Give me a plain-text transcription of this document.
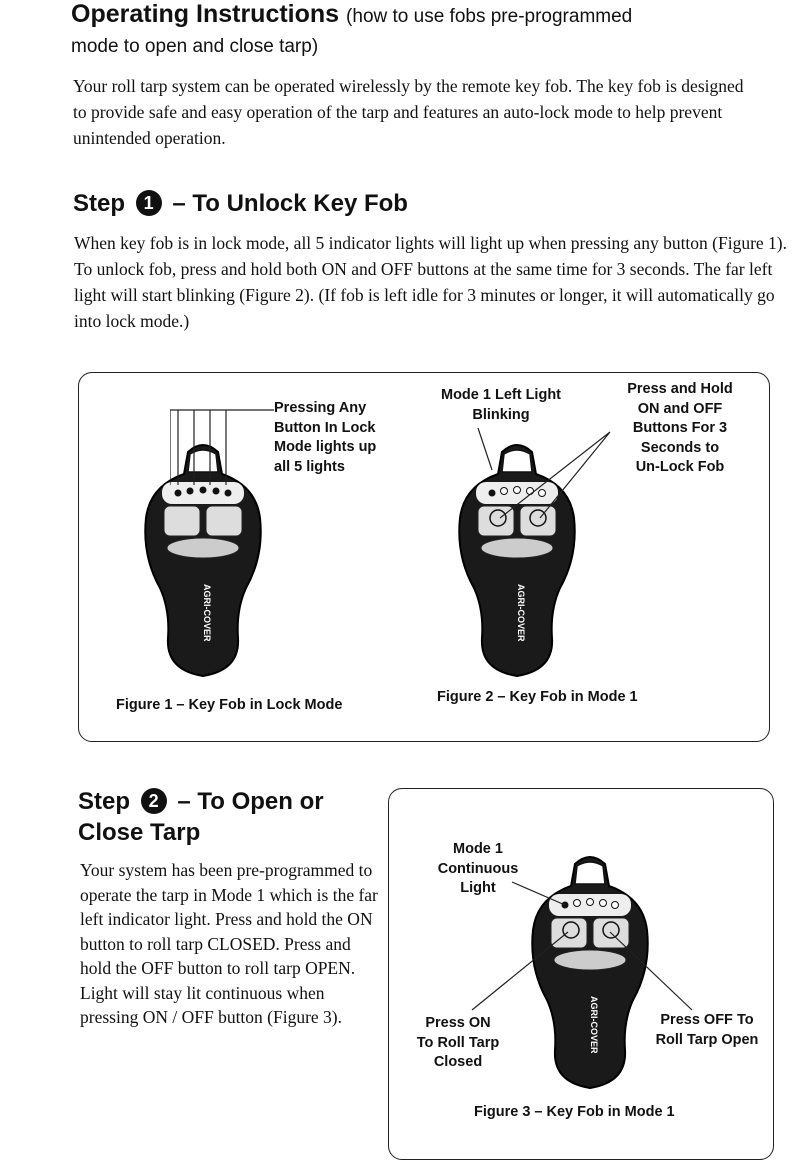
Operating Instructions (how to use fobs pre-programmed
mode to open and close tarp)
Your roll tarp system can be operated wirelessly by the remote key fob. The key fob is designed to provide safe and easy operation of the tarp and features an auto-lock mode to help prevent unintended operation.
Step 1 – To Unlock Key Fob
When key fob is in lock mode, all 5 indicator lights will light up when pressing any button (Figure 1). To unlock fob, press and hold both ON and OFF buttons at the same time for 3 seconds. The far left light will start blinking (Figure 2). (If fob is left idle for 3 minutes or longer, it will automatically go into lock mode.)
AGRI-COVER
Pressing Any
Button In Lock
Mode lights up
all 5 lights
Figure 1 – Key Fob in Lock Mode
AGRI-COVER
Mode 1 Left Light
Blinking
Press and Hold
ON and OFF
Buttons For 3
Seconds to
Un-Lock Fob
Figure 2 – Key Fob in Mode 1
Step 2 – To Open or
Close Tarp
Your system has been pre-programmed to operate the tarp in Mode 1 which is the far left indicator light. Press and hold the ON button to roll tarp CLOSED. Press and hold the OFF button to roll tarp OPEN. Light will stay lit continuous when pressing ON / OFF button (Figure 3).	AGRI-COVER
Mode 1
Continuous
Light
Press ON
To Roll Tarp
Closed
Press OFF To
Roll Tarp Open
Figure 3 – Key Fob in Mode 1
